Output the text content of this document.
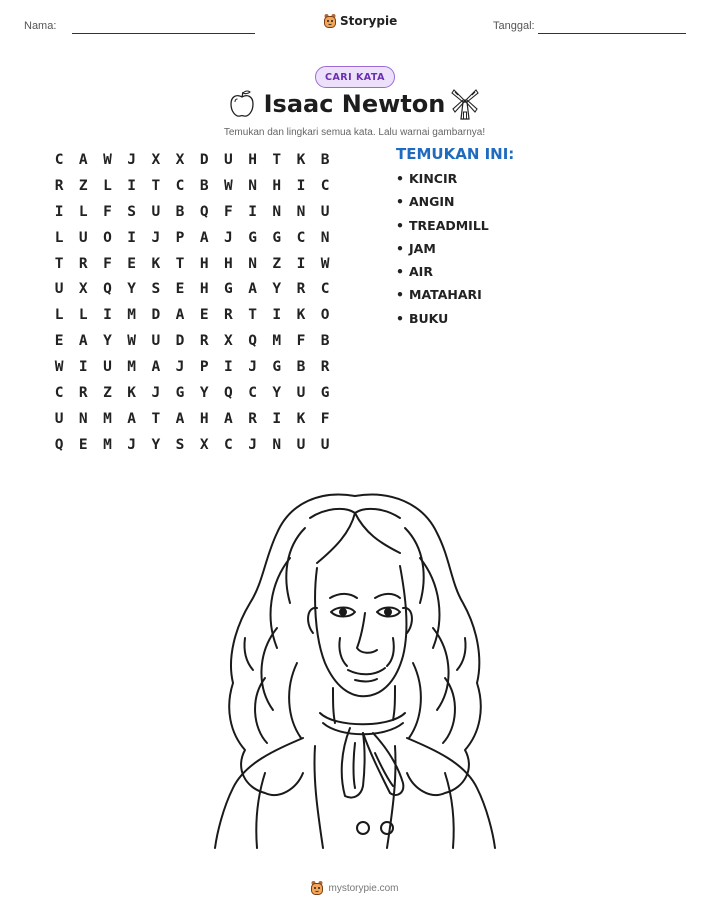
Nama:	Storypie	Tanggal:
CARI KATA
Isaac Newton
Temukan dan lingkari semua kata. Lalu warnai gambarnya!
C	A	W	J	X	X	D	U	H	T	K	B
R	Z	L	I	T	C	B	W	N	H	I	C
I	L	F	S	U	B	Q	F	I	N	N	U
L	U	O	I	J	P	A	J	G	G	C	N
T	R	F	E	K	T	H	H	N	Z	I	W
U	X	Q	Y	S	E	H	G	A	Y	R	C
L	L	I	M	D	A	E	R	T	I	K	O
E	A	Y	W	U	D	R	X	Q	M	F	B
W	I	U	M	A	J	P	I	J	G	B	R
C	R	Z	K	J	G	Y	Q	C	Y	U	G
U	N	M	A	T	A	H	A	R	I	K	F
Q	E	M	J	Y	S	X	C	J	N	U	U
TEMUKAN INI:
• KINCIR
• ANGIN
• TREADMILL
• JAM
• AIR
• MATAHARI
• BUKU
mystorypie.com
